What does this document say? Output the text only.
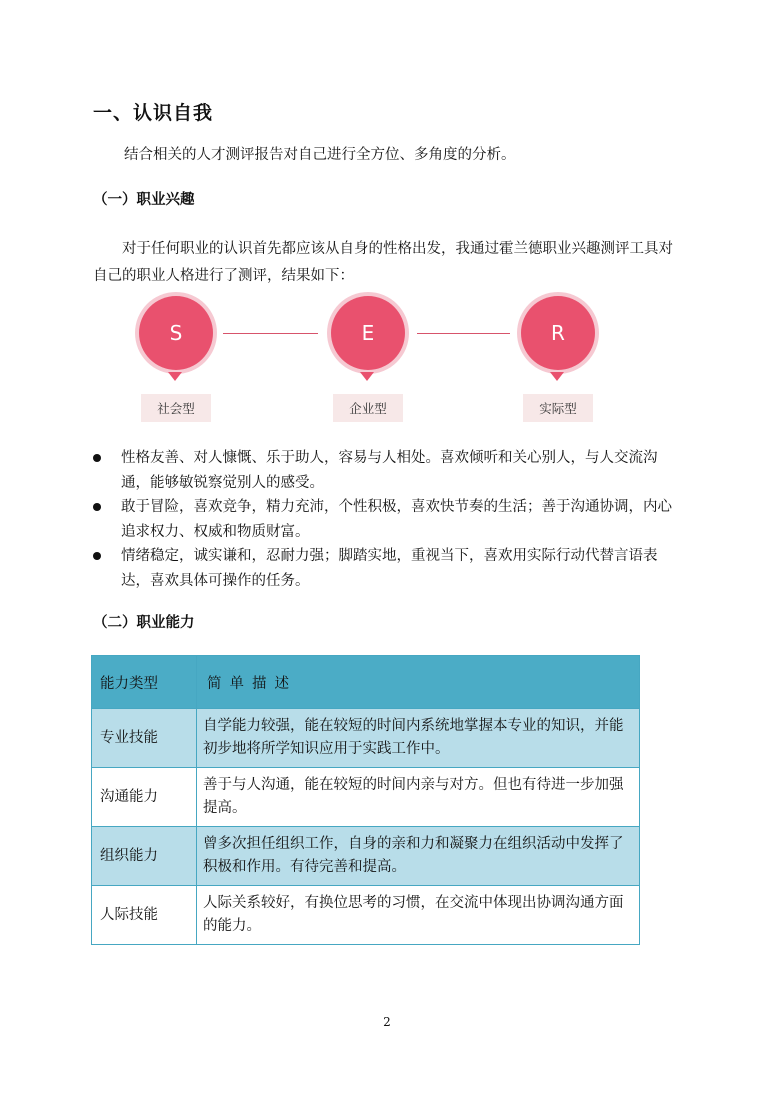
一、认识自我

结合相关的人才测评报告对自己进行全方位、多角度的分析。

（一）职业兴趣

对于任何职业的认识首先都应该从自身的性格出发，我通过霍兰德职业兴趣测评工具对自己的职业人格进行了测评，结果如下：

S
社会型
E
企业型
R
实际型
性格友善、对人慷慨、乐于助人，容易与人相处。喜欢倾听和关心别人，与人交流沟通，能够敏锐察觉别人的感受。
敢于冒险，喜欢竞争，精力充沛，个性积极，喜欢快节奏的生活；善于沟通协调，内心追求权力、权威和物质财富。
情绪稳定，诚实谦和，忍耐力强；脚踏实地，重视当下，喜欢用实际行动代替言语表达，喜欢具体可操作的任务。
（二）职业能力
能力类型	简单描述
专业技能	自学能力较强，能在较短的时间内系统地掌握本专业的知识，并能初步地将所学知识应用于实践工作中。
沟通能力	善于与人沟通，能在较短的时间内亲与对方。但也有待进一步加强提高。
组织能力	曾多次担任组织工作，自身的亲和力和凝聚力在组织活动中发挥了积极和作用。有待完善和提高。
人际技能	人际关系较好，有换位思考的习惯，在交流中体现出协调沟通方面的能力。
2
